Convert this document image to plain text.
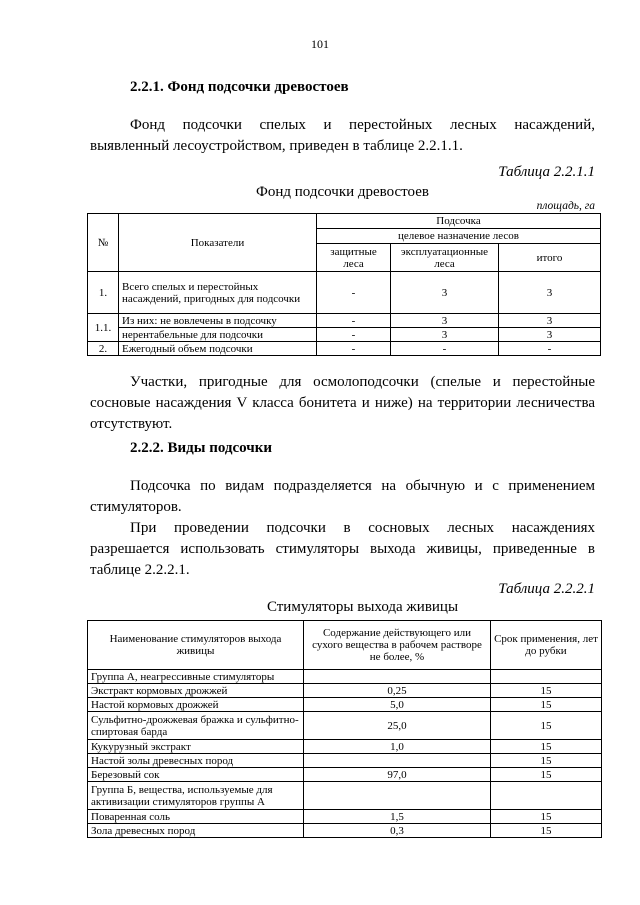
101
2.2.1. Фонд подсочки древостоев
Фонд подсочки спелых и перестойных лесных насаждений,
выявленный лесоустройством, приведен в таблице 2.2.1.1.
Таблица 2.2.1.1
Фонд подсочки древостоев
площадь, га
№	Показатели	Подсочка		
		целевое назначение лесов		
		защитные леса	эксплуатационные леса	итого
1.	Всего спелых и перестойных насаждений, пригодных для подсочки	-	3	3
1.1.	Из них: не вовлечены в подсочку	-	3	3
	нерентабельные для подсочки	-	3	3
2.	Ежегодный объем подсочки	-	-	-
Участки, пригодные для осмолоподсочки (спелые и перестойные
сосновые насаждения V класса бонитета и ниже) на территории лесничества
отсутствуют.
2.2.2. Виды подсочки
Подсочка по видам подразделяется на обычную и с применением
стимуляторов.
При проведении подсочки в сосновых лесных насаждениях
разрешается использовать стимуляторы выхода живицы, приведенные в
таблице 2.2.2.1.
Таблица 2.2.2.1
Стимуляторы выхода живицы
Наименование стимуляторов выхода живицы	Содержание действующего или сухого вещества в рабочем растворе не более, %	Срок применения, лет до рубки
Группа А, неагрессивные стимуляторы		
Экстракт кормовых дрожжей	0,25	15
Настой кормовых дрожжей	5,0	15
Сульфитно-дрожжевая бражка и сульфитно-спиртовая барда	25,0	15
Кукурузный экстракт	1,0	15
Настой золы древесных пород		15
Березовый сок	97,0	15
Группа Б, вещества, используемые для активизации стимуляторов группы А		
Поваренная соль	1,5	15
Зола древесных пород	0,3	15
